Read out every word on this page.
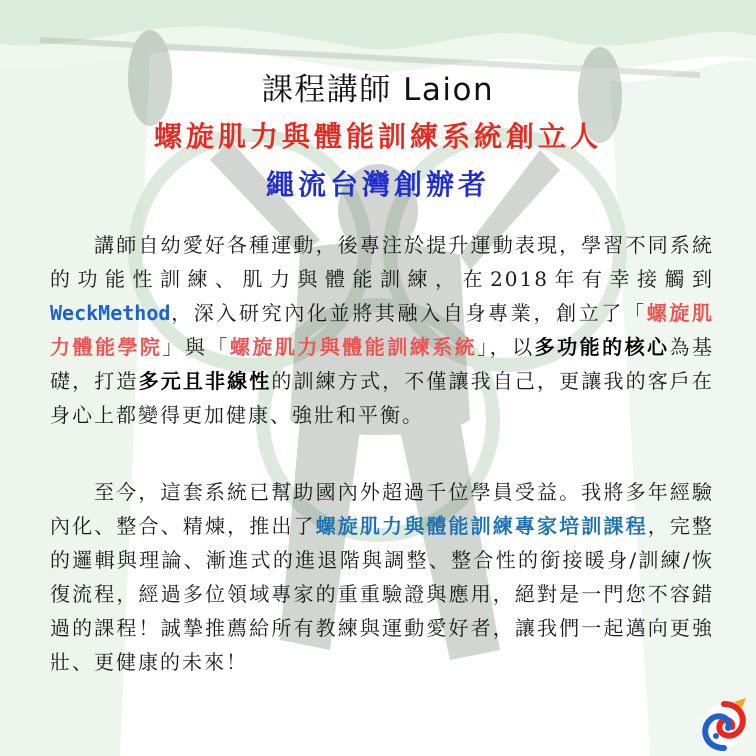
課程講師 Laion
螺旋肌力與體能訓練系統創立人
繩流台灣創辦者
講師自幼愛好各種運動，後專注於提升運動表現，學習不同系統的功能性訓練、肌力與體能訓練，在2018年有幸接觸到WeckMethod，深入研究內化並將其融入自身專業，創立了「螺旋肌力體能學院」與「螺旋肌力與體能訓練系統」，以多功能的核心為基礎，打造多元且非線性的訓練方式，不僅讓我自己，更讓我的客戶在身心上都變得更加健康、強壯和平衡。
至今，這套系統已幫助國內外超過千位學員受益。我將多年經驗內化、整合、精煉，推出了螺旋肌力與體能訓練專家培訓課程，完整的邏輯與理論、漸進式的進退階與調整、整合性的銜接暖身/訓練/恢復流程，經過多位領域專家的重重驗證與應用，絕對是一門您不容錯過的課程！誠摯推薦給所有教練與運動愛好者，讓我們一起邁向更強壯、更健康的未來！
